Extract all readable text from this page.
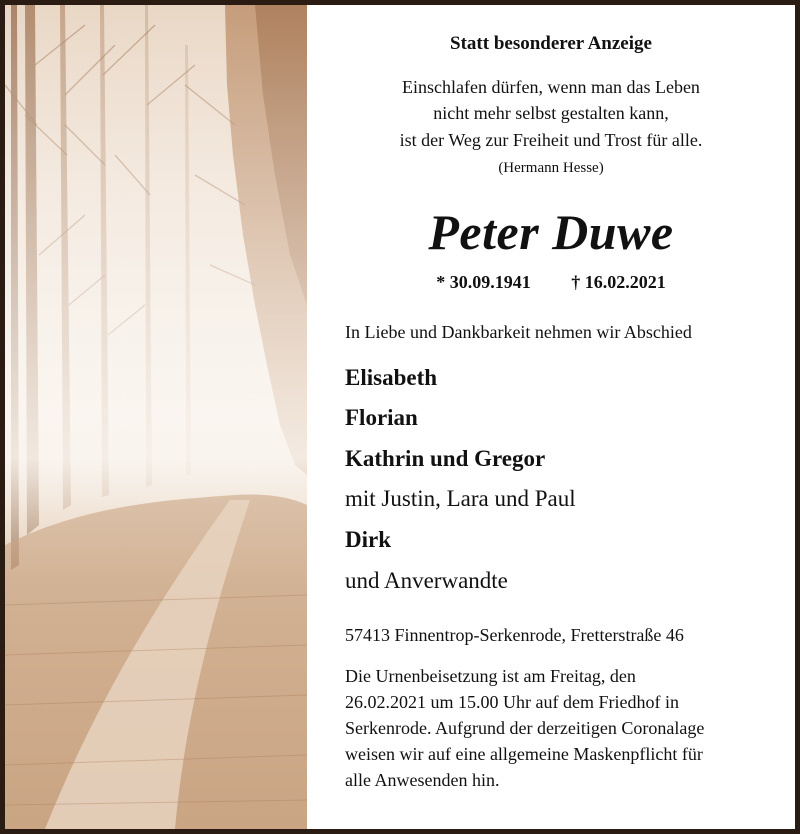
Statt besonderer Anzeige
Einschlafen dürfen, wenn man das Leben
nicht mehr selbst gestalten kann,
ist der Weg zur Freiheit und Trost für alle.
(Hermann Hesse)
Peter Duwe
* 30.09.1941 † 16.02.2021
In Liebe und Dankbarkeit nehmen wir Abschied
Elisabeth
Florian
Kathrin und Gregor
mit Justin, Lara und Paul
Dirk
und Anverwandte
57413 Finnentrop-Serkenrode, Fretterstraße 46
Die Urnenbeisetzung ist am Freitag, den
26.02.2021 um 15.00 Uhr auf dem Friedhof in
Serkenrode. Aufgrund der derzeitigen Coronalage
weisen wir auf eine allgemeine Maskenpflicht für
alle Anwesenden hin.
